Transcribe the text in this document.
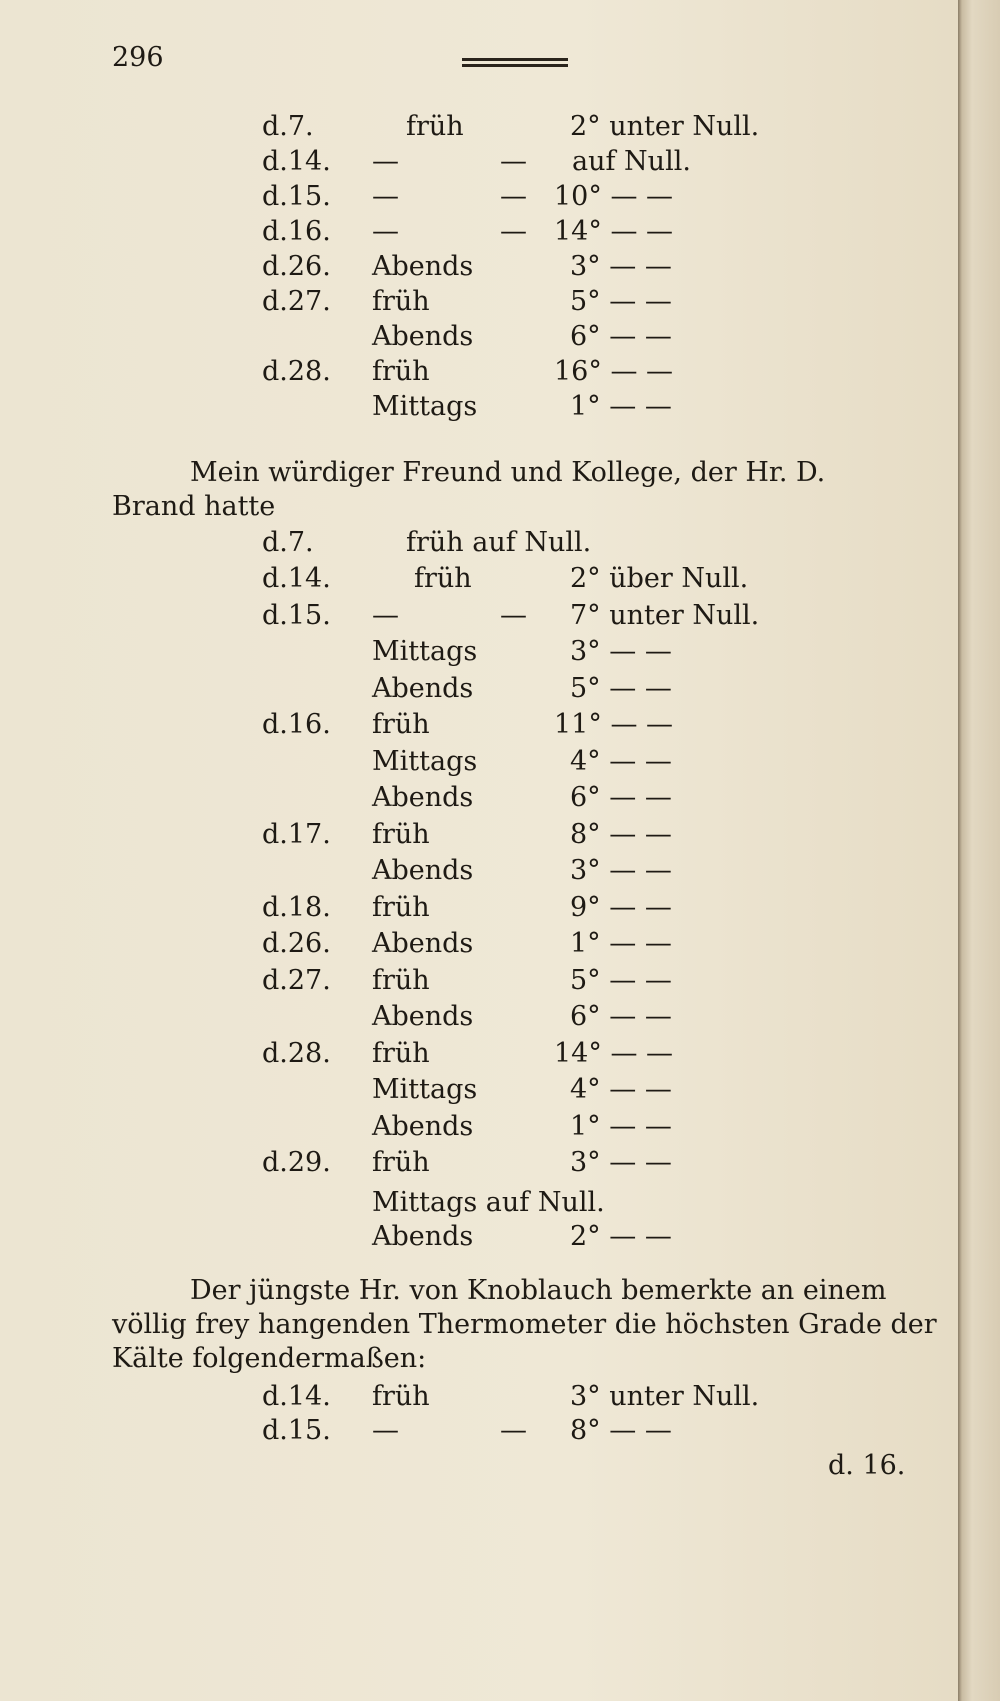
296
d.7.	früh	2° unter Null.
d.14. —	— auf Null.
d.15. —	— 10° — —
d.16. —	— 14° — —
d.26. Abends	3° — —
d.27. früh	5° — —
Abends	6° — —
d.28. früh	16° — —
Mittags	1° — —
Mein würdiger Freund und Kollege, der Hr. D.
Brand hatte
d.7.	früh auf Null.
d.14.	früh	2° über Null.
d.15. —	— 7° unter Null.
Mittags	3° — —
Abends	5° — —
d.16. früh	11° — —
Mittags	4° — —
Abends	6° — —
d.17. früh	8° — —
Abends	3° — —
d.18. früh	9° — —
d.26. Abends	1° — —
d.27. früh	5° — —
Abends	6° — —
d.28. früh	14° — —
Mittags	4° — —
Abends	1° — —
d.29. früh	3° — —
Mittags auf Null.
Abends	2° — —
Der jüngste Hr. von Knoblauch bemerkte an einem
völlig frey hangenden Thermometer die höchsten Grade der
Kälte folgendermaßen:
d.14. früh	3° unter Null.
d.15. —	— 8° — —
d. 16.
